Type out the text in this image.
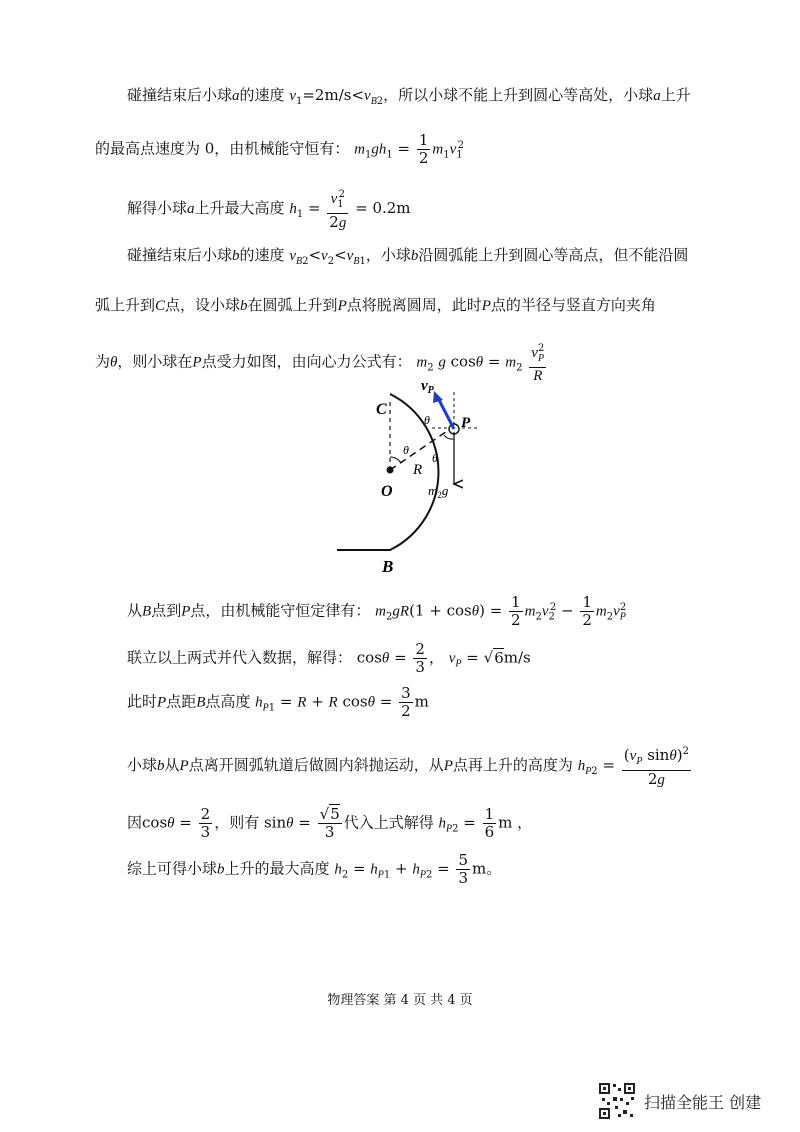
碰撞结束后小球a的速度 $v_1=2m/s<v_{B2}$，所以小球不能上升到圆心等高处，小球a上升
的最高点速度为 0，由机械能守恒有： $m_1gh_1 = \frac{1}{2} m_1v_1^2$
解得小球a上升最大高度 $h_1 = \frac{v_1^2}{2g} = 0.2m$
碰撞结束后小球b的速度 $v_{B2}<v_2<v_{B1}$，小球b沿圆弧能上升到圆心等高点，但不能沿圆
弧上升到C点，设小球b在圆弧上升到P点将脱离圆周，此时P点的半径与竖直方向夹角
为θ，则小球在P点受力如图，由向心力公式有： $m_2$ g $\cos\theta = m_2 \frac{v_P^2}{R}$
$v_P$
C
θ P
θ
θ
R
O	$m_2g$
B
从B点到P点，由机械能守恒定律有： $m_2gR(1 + \cos\theta) = \frac{1}{2} m_2v_2^2 - \frac{1}{2} m_2v_P^2$
联立以上两式并代入数据，解得： $\cos\theta = \frac{2}{3}$ ， $v_P = √6m/s$
此时P点距B点高度 $h_{P1} = R + R$ $\cos\theta = \frac{3}{2}$ m
小球b从P点离开圆弧轨道后做圆内斜抛运动，从P点再上升的高度为 $h_{P2} = \frac{(v_P \sin\theta)^2}{2g}$
因$\cos\theta = \frac{2}{3}$ ，则有 $\sin\theta = \frac{√5}{3}$ 代入上式解得 $h_{P2} = \frac{1}{6}$ m ，
综上可得小球b上升的最大高度 $h_2 = h_{P1} + h_{P2} = \frac{5}{3}$ m。
物理答案 第 4 页 共 4 页
扫描全能王 创建
